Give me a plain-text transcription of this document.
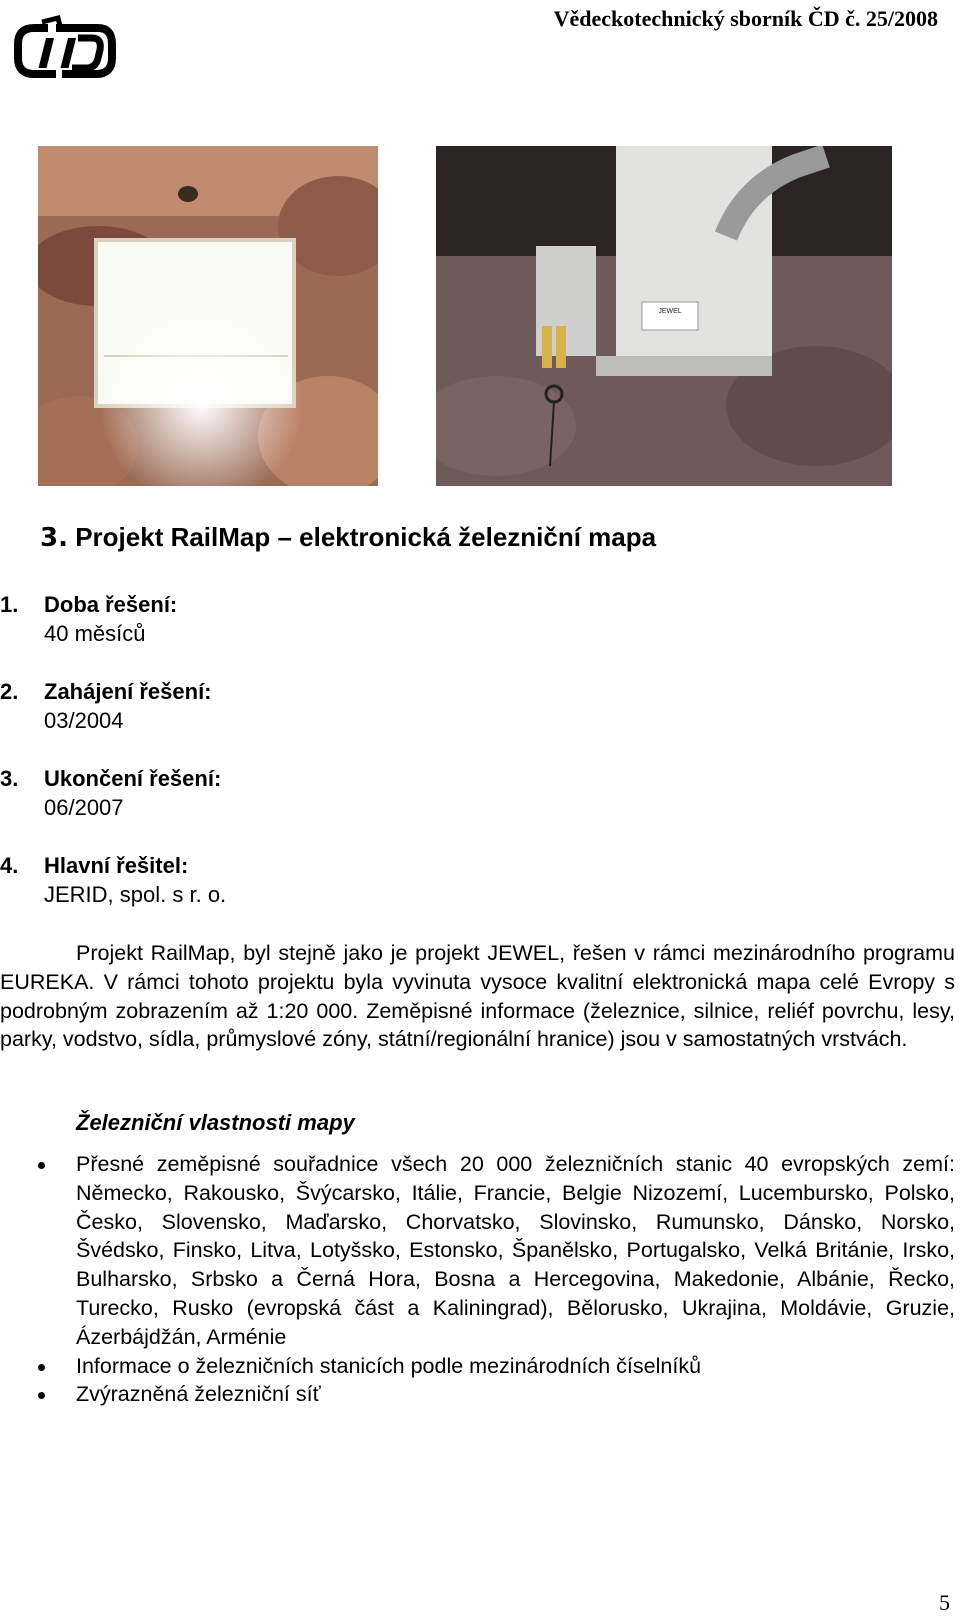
Vědeckotechnický sborník ČD č. 25/2008
JEWEL
3. Projekt RailMap – elektronická železniční mapa
1. Doba řešení:
40 měsíců
2. Zahájení řešení:
03/2004
3. Ukončení řešení:
06/2007
4. Hlavní řešitel:
JERID, spol. s r. o.

Projekt RailMap, byl stejně jako je projekt JEWEL, řešen v rámci mezinárodního programu EUREKA. V rámci tohoto projektu byla vyvinuta vysoce kvalitní elektronická mapa celé Evropy s podrobným zobrazením až 1:20 000. Zeměpisné informace (železnice, silnice, reliéf povrchu, lesy, parky, vodstvo, sídla, průmyslové zóny, státní/regionální hranice) jsou v samostatných vrstvách.

Železniční vlastnosti mapy
Přesné zeměpisné souřadnice všech 20 000 železničních stanic 40 evropských zemí: Německo, Rakousko, Švýcarsko, Itálie, Francie, Belgie Nizozemí, Lucembursko, Polsko, Česko, Slovensko, Maďarsko, Chorvatsko, Slovinsko, Rumunsko, Dánsko, Norsko, Švédsko, Finsko, Litva, Lotyšsko, Estonsko, Španělsko, Portugalsko, Velká Británie, Irsko, Bulharsko, Srbsko a Černá Hora, Bosna a Hercegovina, Makedonie, Albánie, Řecko, Turecko, Rusko (evropská část a Kaliningrad), Bělorusko, Ukrajina, Moldávie, Gruzie, Ázerbájdžán, Arménie
Informace o železničních stanicích podle mezinárodních číselníků
Zvýrazněná železniční síť
5
